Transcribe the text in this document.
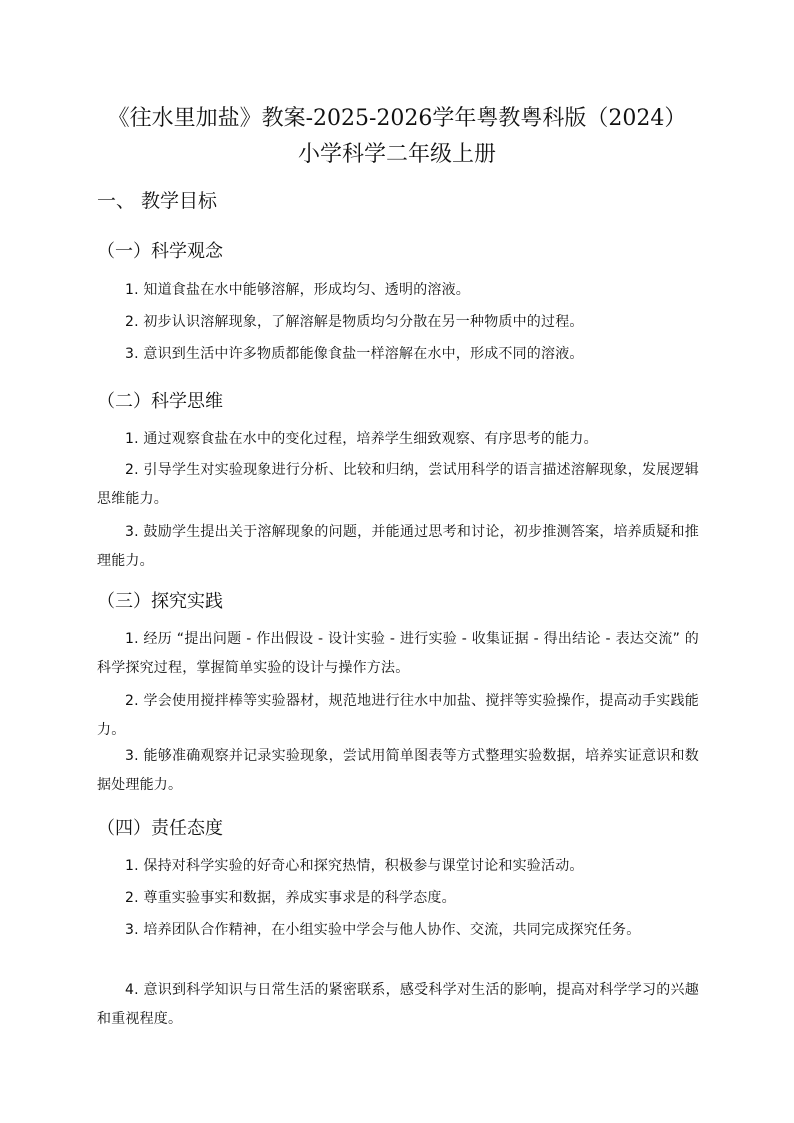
《往水里加盐》教案-2025-2026学年粤教粤科版（2024）
小学科学二年级上册
一、 教学目标
（一）科学观念
1. 知道食盐在水中能够溶解，形成均匀、透明的溶液。
2. 初步认识溶解现象，了解溶解是物质均匀分散在另一种物质中的过程。
3. 意识到生活中许多物质都能像食盐一样溶解在水中，形成不同的溶液。
（二）科学思维
1. 通过观察食盐在水中的变化过程，培养学生细致观察、有序思考的能力。
2. 引导学生对实验现象进行分析、比较和归纳，尝试用科学的语言描述溶解现象，发展逻辑思维能力。
3. 鼓励学生提出关于溶解现象的问题，并能通过思考和讨论，初步推测答案，培养质疑和推理能力。
（三）探究实践
1. 经历 “提出问题 - 作出假设 - 设计实验 - 进行实验 - 收集证据 - 得出结论 - 表达交流” 的科学探究过程，掌握简单实验的设计与操作方法。
2. 学会使用搅拌棒等实验器材，规范地进行往水中加盐、搅拌等实验操作，提高动手实践能力。
3. 能够准确观察并记录实验现象，尝试用简单图表等方式整理实验数据，培养实证意识和数据处理能力。
（四）责任态度
1. 保持对科学实验的好奇心和探究热情，积极参与课堂讨论和实验活动。
2. 尊重实验事实和数据，养成实事求是的科学态度。
3. 培养团队合作精神，在小组实验中学会与他人协作、交流，共同完成探究任务。
4. 意识到科学知识与日常生活的紧密联系，感受科学对生活的影响，提高对科学学习的兴趣和重视程度。
